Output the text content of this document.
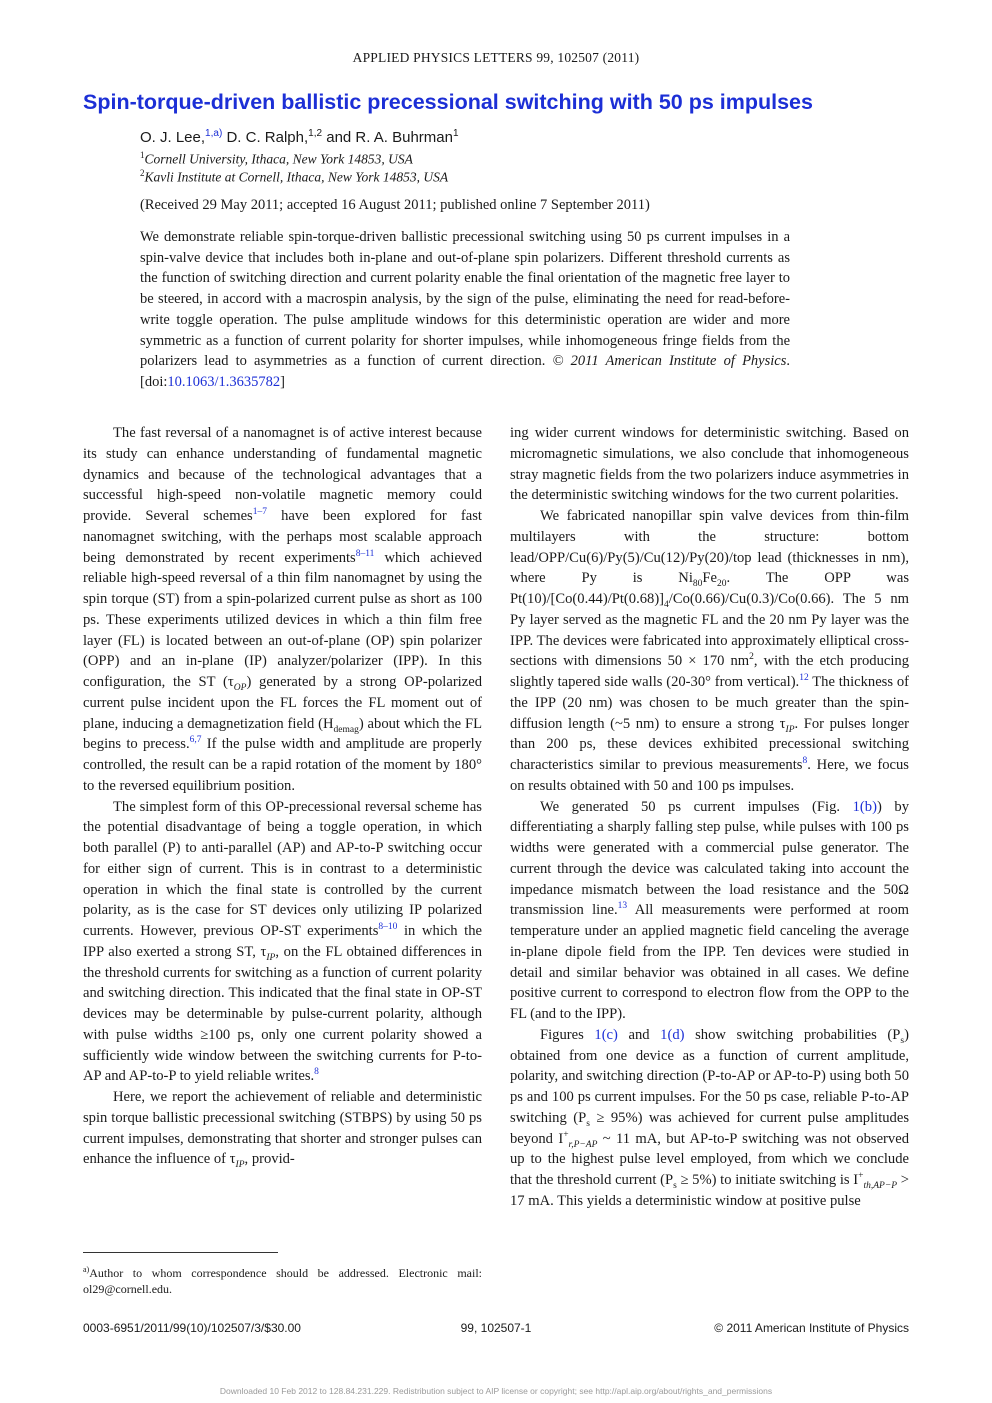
APPLIED PHYSICS LETTERS 99, 102507 (2011)
Spin-torque-driven ballistic precessional switching with 50 ps impulses
O. J. Lee,$^{1,a)}$ D. C. Ralph,$^{1,2}$ and R. A. Buhrman$^1$
$^1$Cornell University, Ithaca, New York 14853, USA
$^2$Kavli Institute at Cornell, Ithaca, New York 14853, USA
(Received 29 May 2011; accepted 16 August 2011; published online 7 September 2011)

We demonstrate reliable spin-torque-driven ballistic precessional switching using 50 ps current impulses in a spin-valve device that includes both in-plane and out-of-plane spin polarizers. Different threshold currents as the function of switching direction and current polarity enable the final orientation of the magnetic free layer to be steered, in accord with a macrospin analysis, by the sign of the pulse, eliminating the need for read-before-write toggle operation. The pulse amplitude windows for this deterministic operation are wider and more symmetric as a function of current polarity for shorter impulses, while inhomogeneous fringe fields from the polarizers lead to asymmetries as a function of current direction. © 2011 American Institute of Physics. [doi:10.1063/1.3635782]

The fast reversal of a nanomagnet is of active interest because its study can enhance understanding of fundamental magnetic dynamics and because of the technological advantages that a successful high-speed non-volatile magnetic memory could provide. Several schemes$^{1-7}$ have been explored for fast nanomagnet switching, with the perhaps most scalable approach being demonstrated by recent experiments$^{8-11}$ which achieved reliable high-speed reversal of a thin film nanomagnet by using the spin torque (ST) from a spin-polarized current pulse as short as 100 ps. These experiments utilized devices in which a thin film free layer (FL) is located between an out-of-plane (OP) spin polarizer (OPP) and an in-plane (IP) analyzer/polarizer (IPP). In this configuration, the ST $(\tau_{OP})$ generated by a strong OP-polarized current pulse incident upon the FL forces the FL moment out of plane, inducing a demagnetization field $(H_{demag})$ about which the FL begins to precess.$^{6,7}$ If the pulse width and amplitude are properly controlled, the result can be a rapid rotation of the moment by 180° to the reversed equilibrium position.

The simplest form of this OP-precessional reversal scheme has the potential disadvantage of being a toggle operation, in which both parallel (P) to anti-parallel (AP) and AP-to-P switching occur for either sign of current. This is in contrast to a deterministic operation in which the final state is controlled by the current polarity, as is the case for ST devices only utilizing IP polarized currents. However, previous OP-ST experiments$^{8-10}$ in which the IPP also exerted a strong ST, $\tau_{IP}$, on the FL obtained differences in the threshold currents for switching as a function of current polarity and switching direction. This indicated that the final state in OP-ST devices may be determinable by pulse-current polarity, although with pulse widths ≥100 ps, only one current polarity showed a sufficiently wide window between the switching currents for P-to-AP and AP-to-P to yield reliable writes.$^8$

Here, we report the achievement of reliable and deterministic spin torque ballistic precessional switching (STBPS) by using 50 ps current impulses, demonstrating that shorter and stronger pulses can enhance the influence of $\tau_{IP}$, provid-

ing wider current windows for deterministic switching. Based on micromagnetic simulations, we also conclude that inhomogeneous stray magnetic fields from the two polarizers induce asymmetries in the deterministic switching windows for the two current polarities.

We fabricated nanopillar spin valve devices from thin-film multilayers with the structure: bottom lead/OPP/Cu(6)/Py(5)/Cu(12)/Py(20)/top lead (thicknesses in nm), where Py is $Ni_{80}Fe_{20}$. The OPP was $Pt(10)/[Co(0.44)/Pt(0.68)]_4/Co(0.66)/Cu(0.3)/Co(0.66)$. The 5 nm Py layer served as the magnetic FL and the 20 nm Py layer was the IPP. The devices were fabricated into approximately elliptical cross-sections with dimensions 50 × 170 $nm^2$, with the etch producing slightly tapered side walls (20-30° from vertical).$^{12}$ The thickness of the IPP (20 nm) was chosen to be much greater than the spin-diffusion length (~5 nm) to ensure a strong $\tau_{IP}$. For pulses longer than 200 ps, these devices exhibited precessional switching characteristics similar to previous measurements$^8$. Here, we focus on results obtained with 50 and 100 ps impulses.

We generated 50 ps current impulses (Fig. 1(b)) by differentiating a sharply falling step pulse, while pulses with 100 ps widths were generated with a commercial pulse generator. The current through the device was calculated taking into account the impedance mismatch between the load resistance and the 50Ω transmission line.$^{13}$ All measurements were performed at room temperature under an applied magnetic field canceling the average in-plane dipole field from the IPP. Ten devices were studied in detail and similar behavior was obtained in all cases. We define positive current to correspond to electron flow from the OPP to the FL (and to the IPP).

Figures 1(c) and 1(d) show switching probabilities $(P_s)$ obtained from one device as a function of current amplitude, polarity, and switching direction (P-to-AP or AP-to-P) using both 50 ps and 100 ps current impulses. For the 50 ps case, reliable P-to-AP switching $(P_s \ge 95\%)$ was achieved for current pulse amplitudes beyond $I^+_{r,P-AP}$ ~ 11 mA, but AP-to-P switching was not observed up to the highest pulse level employed, from which we conclude that the threshold current $(P_s \ge 5\%)$ to initiate switching is $I^+_{th,AP-P} > 17$ mA. This yields a deterministic window at positive pulse

$^{a)}$Author to whom correspondence should be addressed. Electronic mail: ol29@cornell.edu.
0003-6951/2011/99(10)/102507/3/$30.00	99, 102507-1	© 2011 American Institute of Physics
Downloaded 10 Feb 2012 to 128.84.231.229. Redistribution subject to AIP license or copyright; see http://apl.aip.org/about/rights_and_permissions
